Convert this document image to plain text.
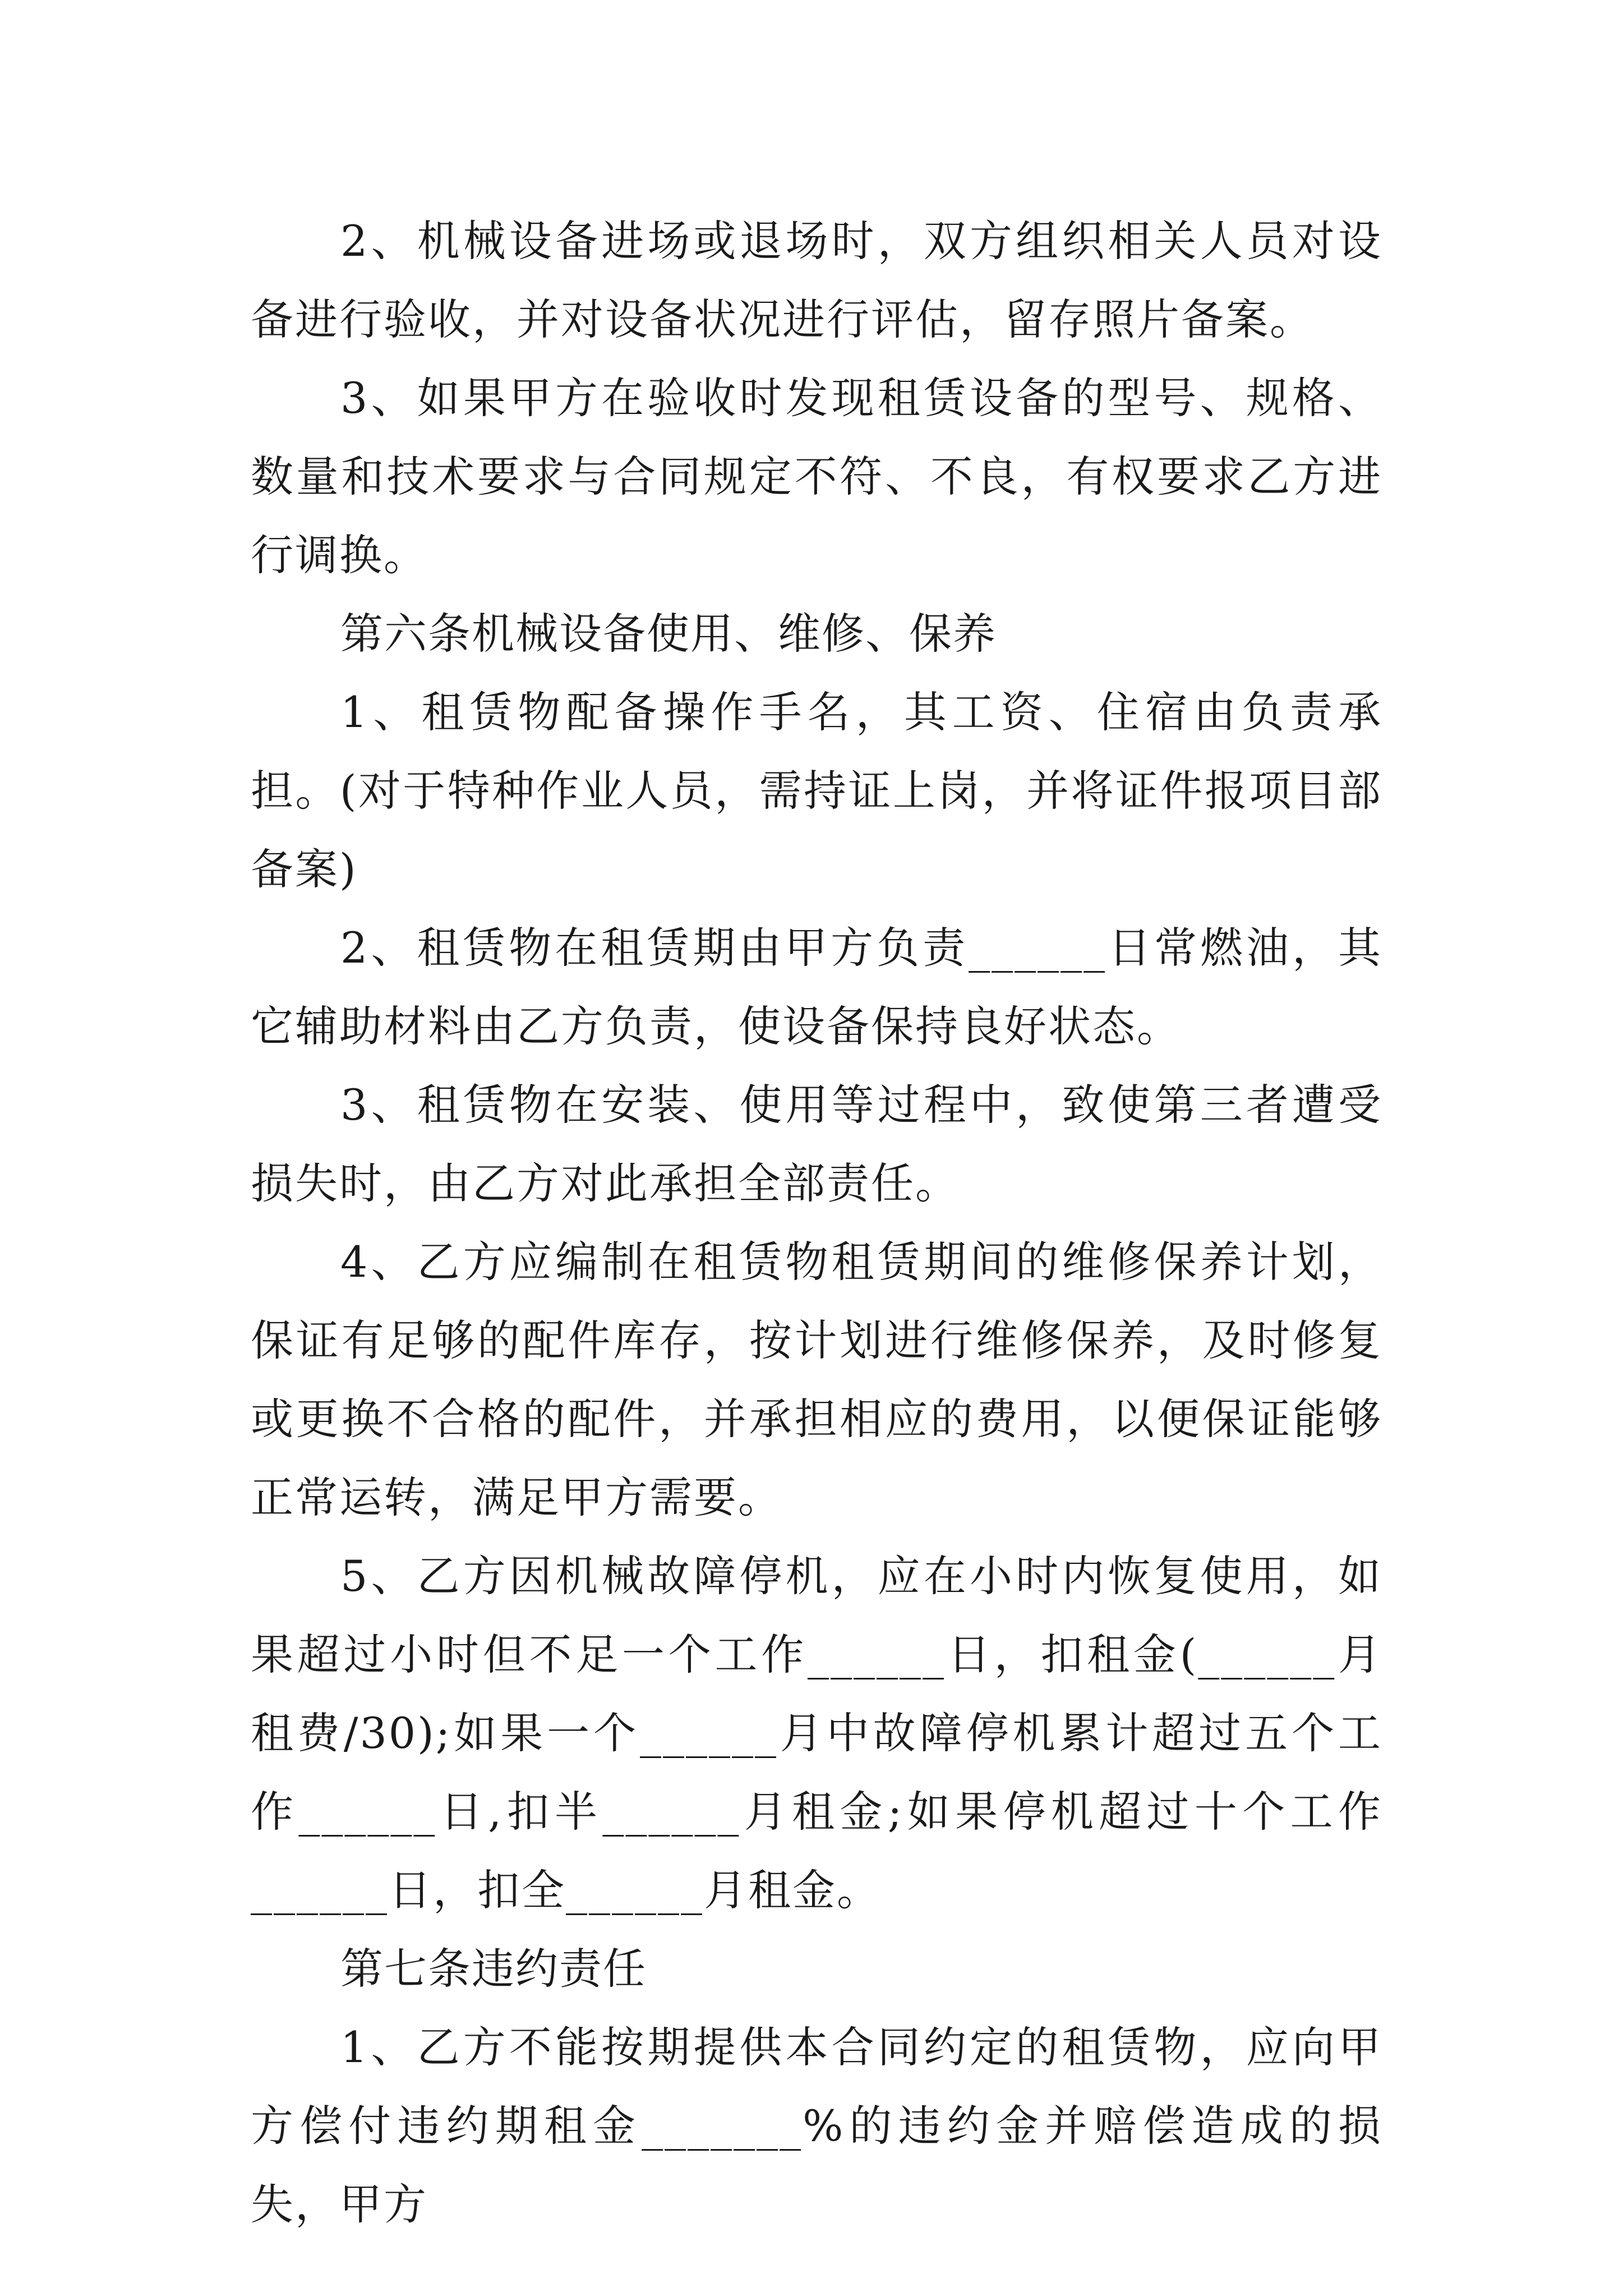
2、机械设备进场或退场时，双方组织相关人员对设备进行验收，并对设备状况进行评估，留存照片备案。

3、如果甲方在验收时发现租赁设备的型号、规格、数量和技术要求与合同规定不符、不良，有权要求乙方进行调换。

第六条机械设备使用、维修、保养

1、租赁物配备操作手名，其工资、住宿由负责承担。(对于特种作业人员，需持证上岗，并将证件报项目部备案)

2、租赁物在租赁期由甲方负责______日常燃油，其它辅助材料由乙方负责，使设备保持良好状态。

3、租赁物在安装、使用等过程中，致使第三者遭受损失时，由乙方对此承担全部责任。

4、乙方应编制在租赁物租赁期间的维修保养计划，保证有足够的配件库存，按计划进行维修保养，及时修复或更换不合格的配件，并承担相应的费用，以便保证能够正常运转，满足甲方需要。

5、乙方因机械故障停机，应在小时内恢复使用，如果超过小时但不足一个工作______日，扣租金(______月租费/30);如果一个______月中故障停机累计超过五个工作______日,扣半______月租金;如果停机超过十个工作______日，扣全______月租金。

第七条违约责任

1、乙方不能按期提供本合同约定的租赁物，应向甲方偿付违约期租金_______%的违约金并赔偿造成的损失，甲方
